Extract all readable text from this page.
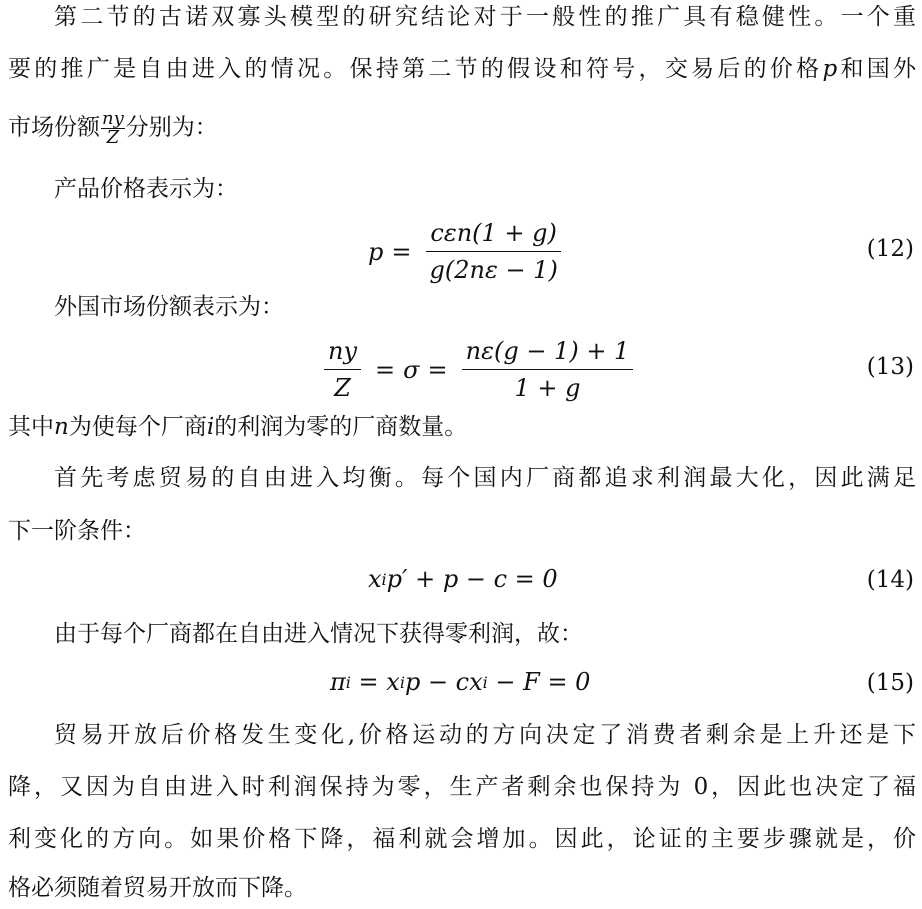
第二节的古诺双寡头模型的研究结论对于一般性的推广具有稳健性。一个重
要的推广是自由进入的情况。保持第二节的假设和符号，交易后的价格p和国外
市场份额 $\frac{ny}{Z}$ 分别为：
产品价格表示为：
$p = \frac{\text{cεn(1 + g)}}{g(2n\varepsilon - 1)}$	(12)
外国市场份额表示为：
$\frac{ny}{Z} = \sigma = \frac{n\varepsilon(g - 1) + 1}{1 + g}$	(13)
其中n为使每个厂商i的利润为零的厂商数量。
首先考虑贸易的自由进入均衡。每个国内厂商都追求利润最大化，因此满足
下一阶条件：
x i p′ + p − c = 0	(14)
由于每个厂商都在自由进入情况下获得零利润，故：
π i = x i p − cx i − F = 0	(15)
贸易开放后价格发生变化,价格运动的方向决定了消费者剩余是上升还是下
降，又因为自由进入时利润保持为零，生产者剩余也保持为 0，因此也决定了福
利变化的方向。如果价格下降，福利就会增加。因此，论证的主要步骤就是，价
格必须随着贸易开放而下降。
